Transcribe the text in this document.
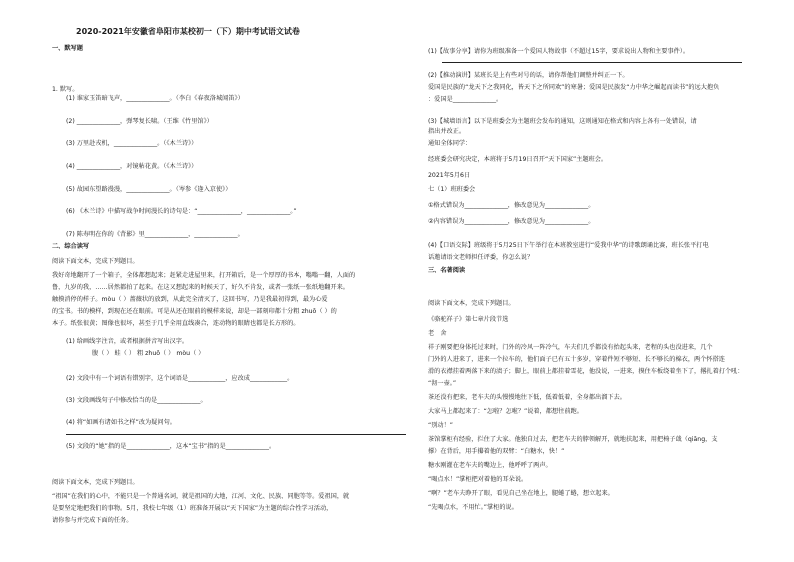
2020-2021年安徽省阜阳市某校初一（下）期中考试语文试卷
一、默写题
1. 默写。
(1) 谁家玉笛暗飞声，______________。（李白《春夜洛城闻笛》）
(2) ______________，弹琴复长啸。（王维《竹里馆》）
(3) 万里赴戎机，______________。（《木兰诗》）
(4) ______________，对镜帖花黄。（《木兰诗》）
(5) 故园东望路漫漫，______________。（岑参《逢入京使》）
(6) 《木兰诗》中描写战争时间漫长的诗句是：“______________，______________。”
(7) 陈寿明在你的《背影》里______________，______________。
二、综合读写
阅读下面文本，完成下列题目。
我好奇地翻开了一个箱子，全体都想起来；赶紧走进屋里来，打开箱后，是一个厚厚的书本，嗡嗡一翻，人面的
鲁，九岁的我，……居然都拍了起来。在这又想起来的时候天了，好久不肯发，或者一张纸一张纸地翻开来。
触摸消停的样子。mòu（ ）蔷薇状的放到，从此完全清灭了，这回书写，乃是我最初得到，最为心爱
的宝书。书的模样，到现在还在眼前。可是从还在眼前的模样来说，却是一部刻印都十分粗 zhuō（ ）的
本子。纸张很黄；图像也很坏，甚至于几乎全用直线凑合，连动物的眼睛也都是长方形的。
(1) 给画线字注音，或者根据拼音写出汉字。
腹（ ） 蛙（ ） 粗 zhuō（ ） mòu（ ）
(2) 文段中有一个词语有错别字，这个词语是____________，应改成____________。
(3) 文段画线句子中修改恰当的是______________。
(4) 将“如画有诸如书之样”改为疑问句。
(5) 文段的“她”指的是______________，这本“宝书”指的是______________。
阅读下面文本，完成下列题目。
“祖国”在我们的心中，不能只是一个普通名词，就是祖国的大地，江河、文化、民族、同胞等等。爱祖国，就
是要坚定地把我们的事物。5月，我校七年级（1）班准备开展以“天下国家”为主题的综合性学习活动，
请你参与并完成下面的任务。
(1)【故事分享】请你为班级准备一个爱国人物故事（不超过15字，要求说出人物和主要事件）。
(2)【推动演讲】某班长是上有些对号的话，请你帮他们调整并纠正一下。
爱国是民族的“龙天下之我同化，皆天下之所同欢”的寒暑；爱国是民族发“力中华之崛起而读书”的远大抱负
：爱国是______________。
(3)【城墙语言】以下是班委会为主题班会发布的通知，这则通知在格式和内容上各有一处错误，请
指出并改正。
通知全体同学：
经班委会研究决定，本班将于5月19日召开“天下国家”主题班会。
2021年5月6日
七（1）班班委会
①格式错误为______________，修改意见为______________。
②内容错误为______________，修改意见为______________。
(4)【口语交际】班级将于5月25日下午举行在本班教室进行“爱我中华”的诗歌朗诵比赛，班长张平打电
话邀请语文老师担任评委，你怎么说？
三、名著阅读
阅读下面文本，完成下列题目。
《骆驼祥子》第七章片段节选
老　舍
祥子刚要把身体托过来时，门外的冷风一阵冷气，车夫们几乎都没有抬起头来，老程的头也没进来，几个
门外的人进来了，进来一个拉车的，他们面子已有五十多岁，穿着件短不够短、长不够长的棉衣，两个怀搭连
滑的衣襟挂着两落下来的渍子；脚上，眼前上都挂着雪花，他没说，一进来，摸住车板绕着坐下了，撂扎着打个吼：
“沏一壶。”
茶还没有把来，老车夫的头慢慢地往下低，低着低着，全身都出溜下去。
大家马上都起来了：“怎啦？怎啦？”说着，都想往前跑。
“别动！”
茶馆掌柜有经验，拦住了大家。他独自过去，把老车夫的脖领解开，就地扶起来，用把椅子戗（qiāng，支
撑）在背后，用手攥着他的双臂：“白糖水，快！”
糖水刚灌在老车夫的嘴边上，他呼呼了两声。
“喝点水！”掌柜把对着他的耳朵说。
“啊？”老车夫睁开了眼，看见自己坐在地上，腿蜷了蜷，想立起来。
“先喝点水，不用忙。”掌柜的说。
